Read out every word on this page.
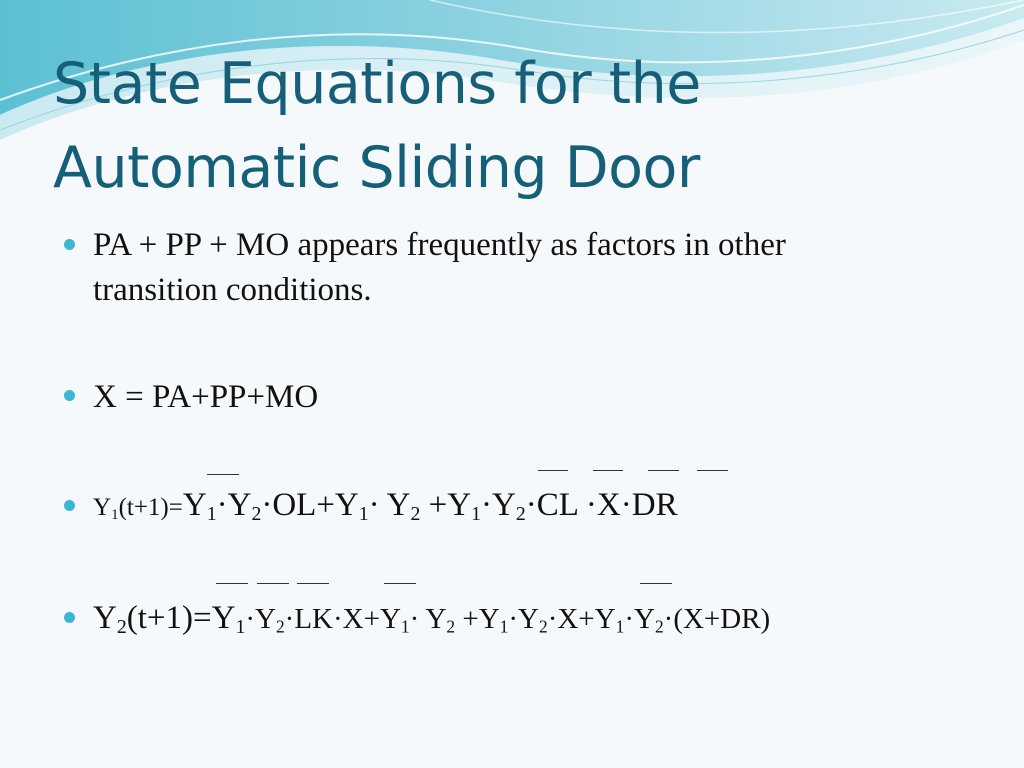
State Equations for the
Automatic Sliding Door
PA + PP + MO appears frequently as factors in other
transition conditions.
X = PA+PP+MO
$Y_1(t+1)=Y_1\cdot Y_2\cdot OL+Y_1\cdot Y_2 +Y_1\cdot Y_2\cdot CL \cdot X\cdot DR$
$Y_2(t+1)=Y_1\cdot Y_2\cdot LK\cdot X+Y_1\cdot Y_2 +Y_1\cdot Y_2\cdot X+Y_1\cdot Y_2\cdot(X+DR)$
